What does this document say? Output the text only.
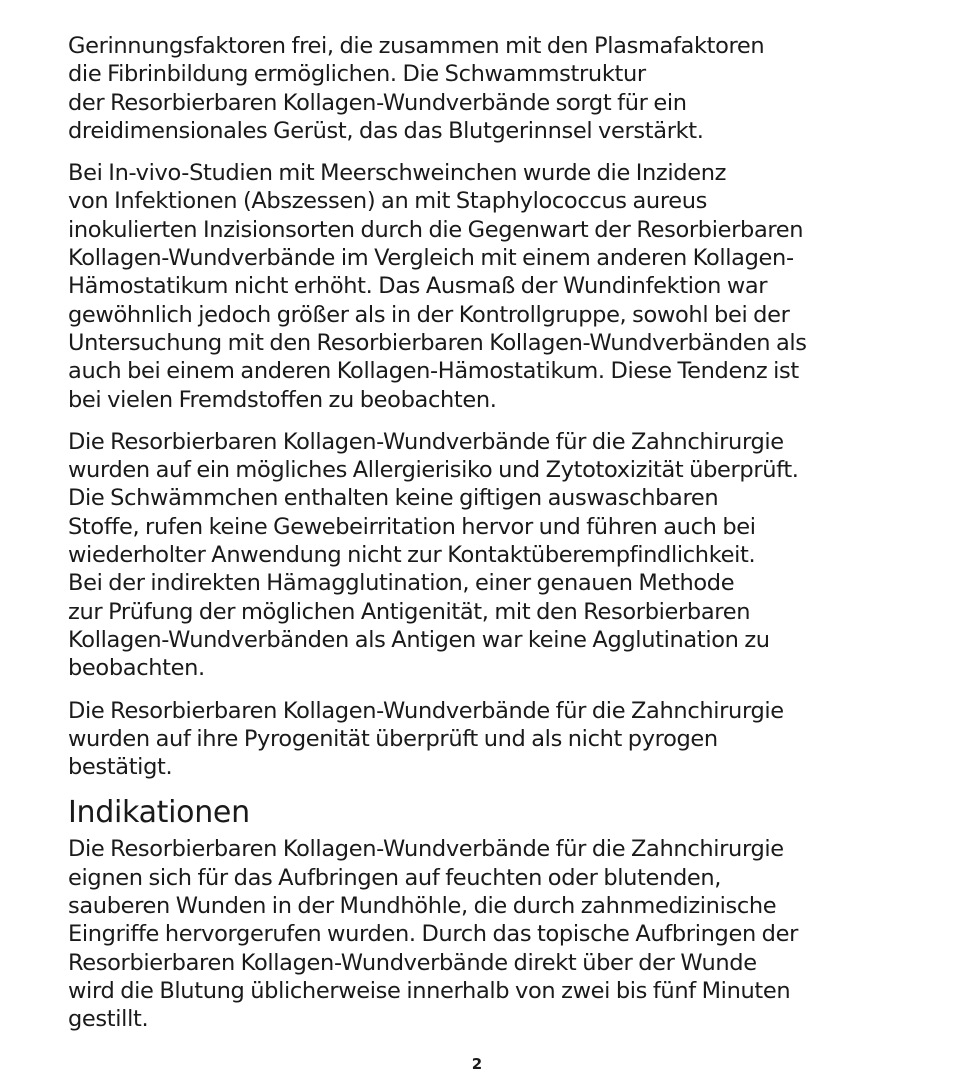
Gerinnungsfaktoren frei, die zusammen mit den Plasmafaktoren
die Fibrinbildung ermöglichen. Die Schwammstruktur
der Resorbierbaren Kollagen-Wundverbände sorgt für ein
dreidimensionales Gerüst, das das Blutgerinnsel verstärkt.
Bei In-vivo-Studien mit Meerschweinchen wurde die Inzidenz
von Infektionen (Abszessen) an mit Staphylococcus aureus
inokulierten Inzisionsorten durch die Gegenwart der Resorbierbaren
Kollagen-Wundverbände im Vergleich mit einem anderen Kollagen-
Hämostatikum nicht erhöht. Das Ausmaß der Wundinfektion war
gewöhnlich jedoch größer als in der Kontrollgruppe, sowohl bei der
Untersuchung mit den Resorbierbaren Kollagen-Wundverbänden als
auch bei einem anderen Kollagen-Hämostatikum. Diese Tendenz ist
bei vielen Fremdstoffen zu beobachten.
Die Resorbierbaren Kollagen-Wundverbände für die Zahnchirurgie
wurden auf ein mögliches Allergierisiko und Zytotoxizität überprüft.
Die Schwämmchen enthalten keine giftigen auswaschbaren
Stoffe, rufen keine Gewebeirritation hervor und führen auch bei
wiederholter Anwendung nicht zur Kontaktüberempfindlichkeit.
Bei der indirekten Hämagglutination, einer genauen Methode
zur Prüfung der möglichen Antigenität, mit den Resorbierbaren
Kollagen-Wundverbänden als Antigen war keine Agglutination zu
beobachten.
Die Resorbierbaren Kollagen-Wundverbände für die Zahnchirurgie
wurden auf ihre Pyrogenität überprüft und als nicht pyrogen
bestätigt.
Indikationen
Die Resorbierbaren Kollagen-Wundverbände für die Zahnchirurgie
eignen sich für das Aufbringen auf feuchten oder blutenden,
sauberen Wunden in der Mundhöhle, die durch zahnmedizinische
Eingriffe hervorgerufen wurden. Durch das topische Aufbringen der
Resorbierbaren Kollagen-Wundverbände direkt über der Wunde
wird die Blutung üblicherweise innerhalb von zwei bis fünf Minuten
gestillt.
2
